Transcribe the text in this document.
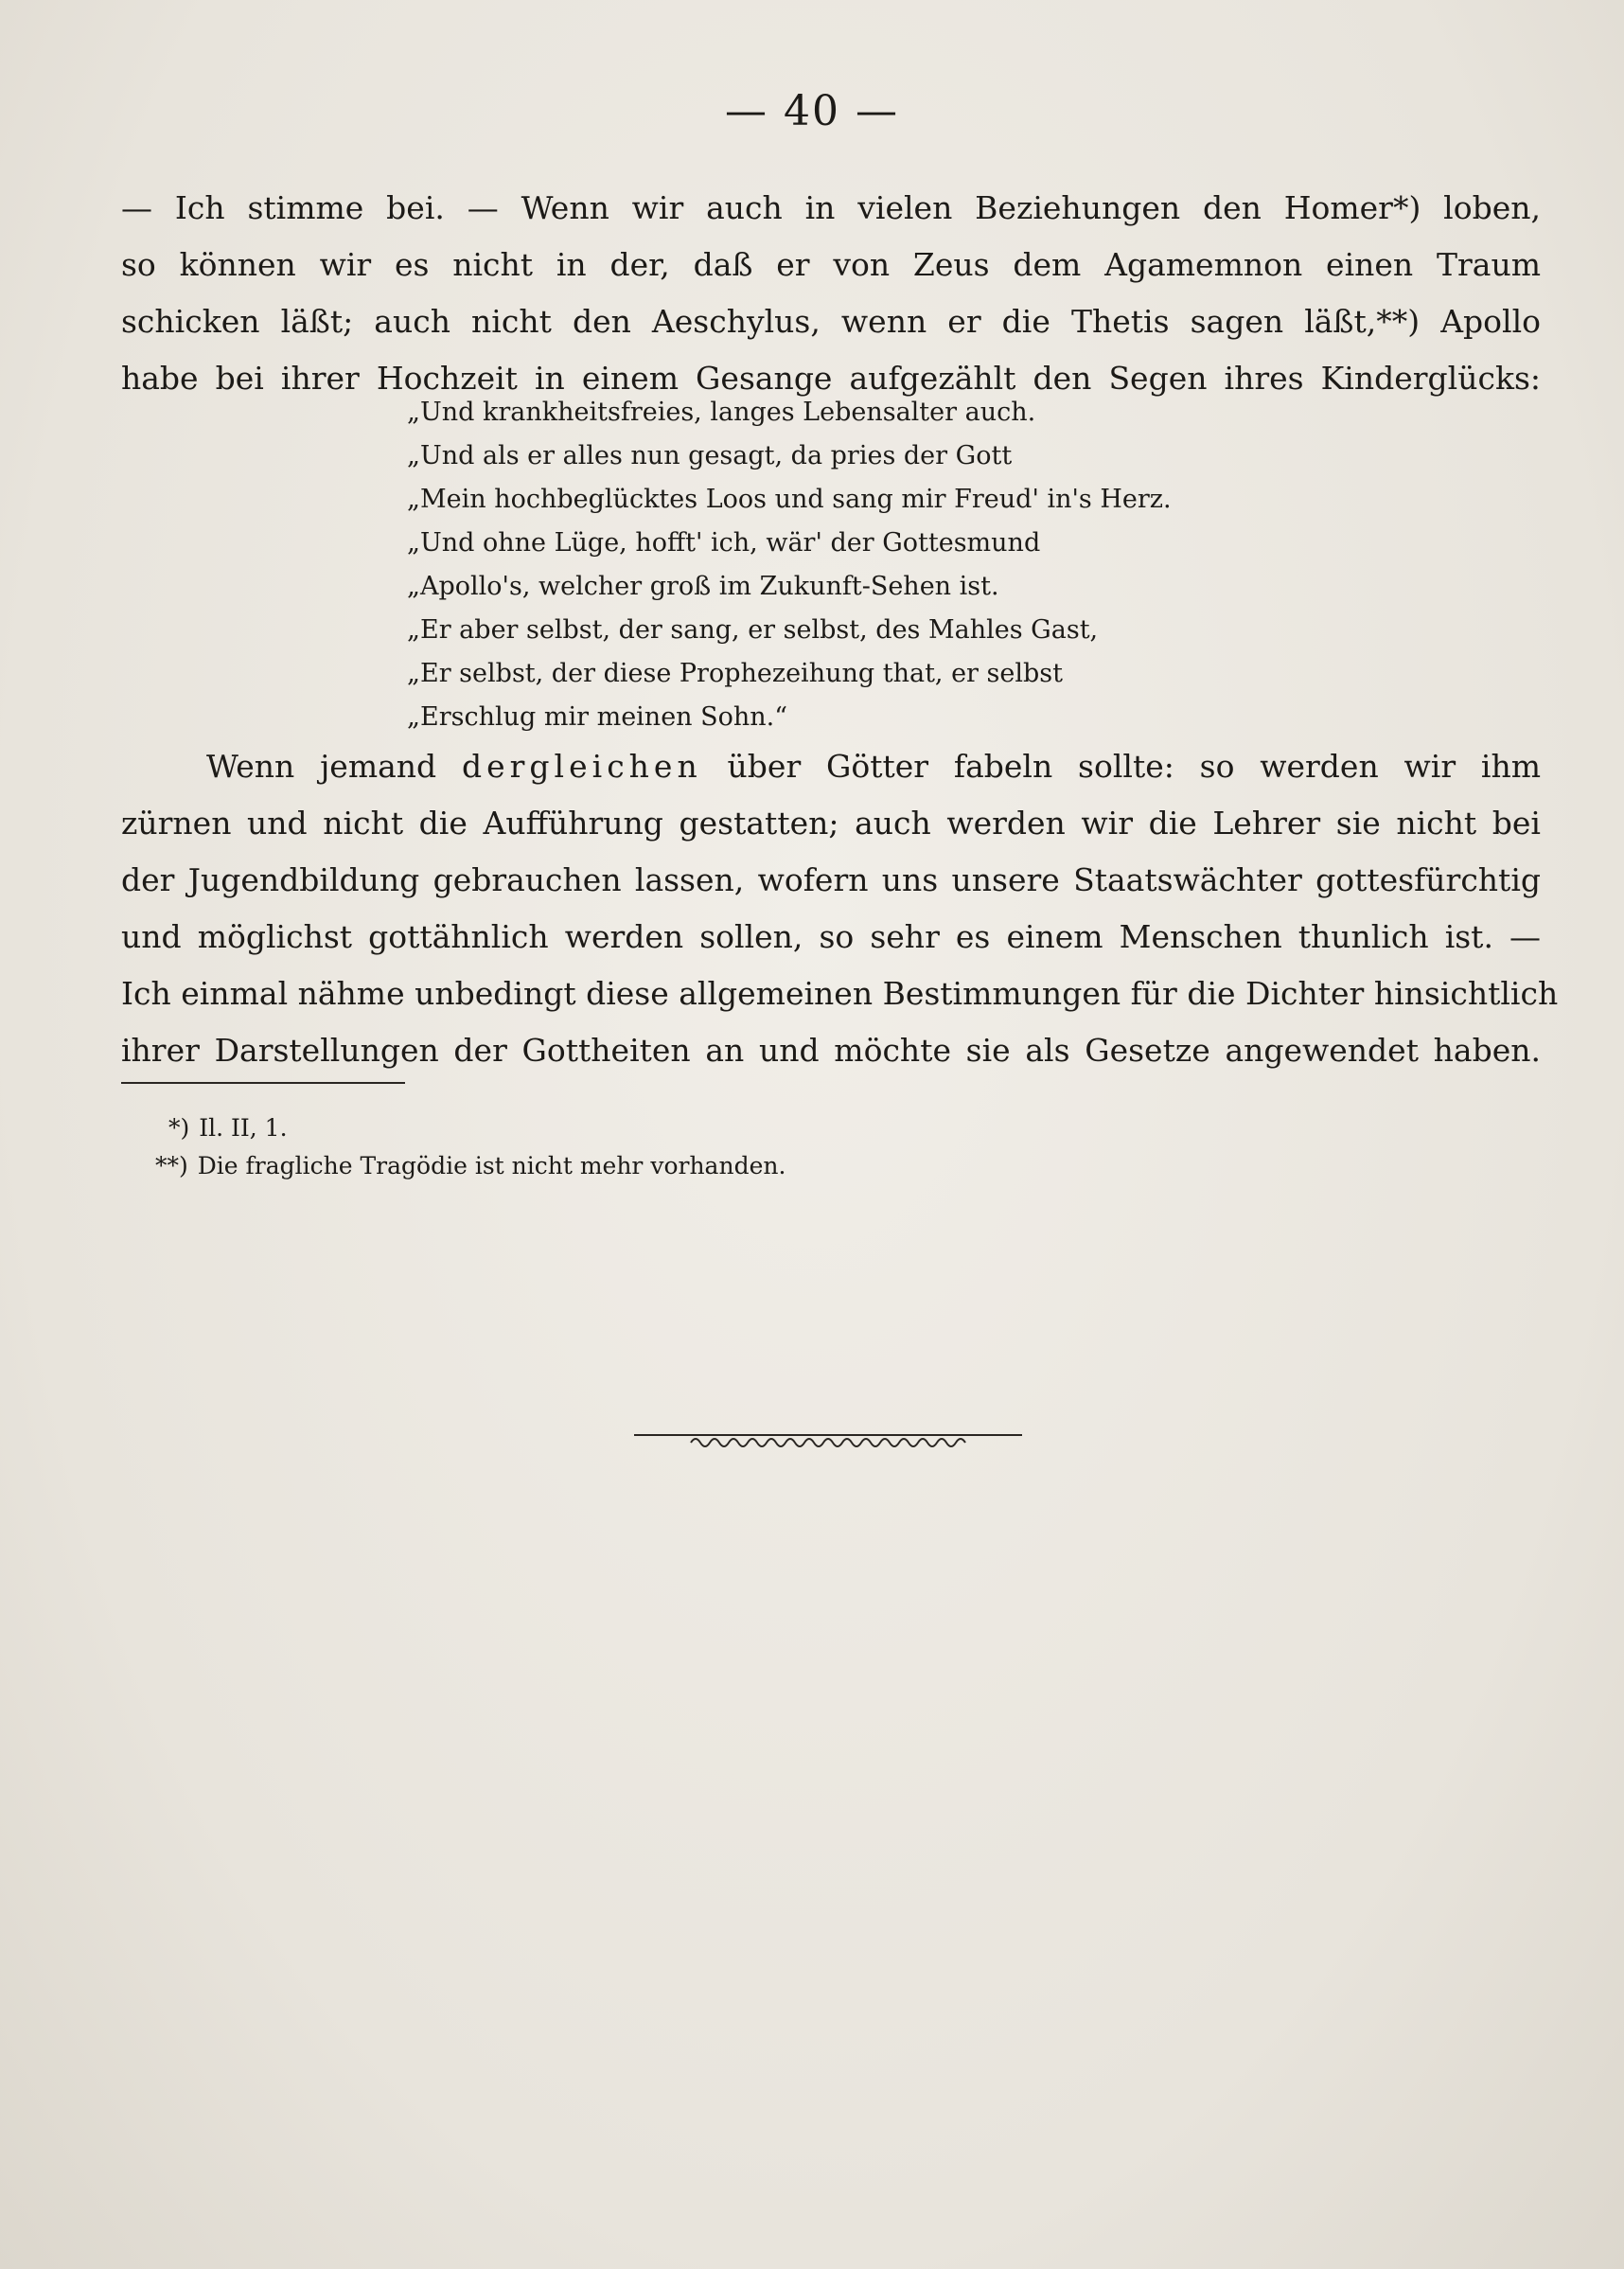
— 40 —
— Ich stimme bei. — Wenn wir auch in vielen Beziehungen den Homer*) loben,
so können wir es nicht in der, daß er von Zeus dem Agamemnon einen Traum
schicken läßt; auch nicht den Aeschylus, wenn er die Thetis sagen läßt,**) Apollo
habe bei ihrer Hochzeit in einem Gesange aufgezählt den Segen ihres Kinderglücks:
„Und krankheitsfreies, langes Lebensalter auch.
„Und als er alles nun gesagt, da pries der Gott
„Mein hochbeglücktes Loos und sang mir Freud' in's Herz.
„Und ohne Lüge, hofft' ich, wär' der Gottesmund
„Apollo's, welcher groß im Zukunft-Sehen ist.
„Er aber selbst, der sang, er selbst, des Mahles Gast,
„Er selbst, der diese Prophezeihung that, er selbst
„Erschlug mir meinen Sohn.“
Wenn jemand dergleichen über Götter fabeln sollte: so werden wir ihm
zürnen und nicht die Aufführung gestatten; auch werden wir die Lehrer sie nicht bei
der Jugendbildung gebrauchen lassen, wofern uns unsere Staatswächter gottesfürchtig
und möglichst gottähnlich werden sollen, so sehr es einem Menschen thunlich ist. —
Ich einmal nähme unbedingt diese allgemeinen Bestimmungen für die Dichter hinsichtlich
ihrer Darstellungen der Gottheiten an und möchte sie als Gesetze angewendet haben.
*) Il. II, 1.
**) Die fragliche Tragödie ist nicht mehr vorhanden.
